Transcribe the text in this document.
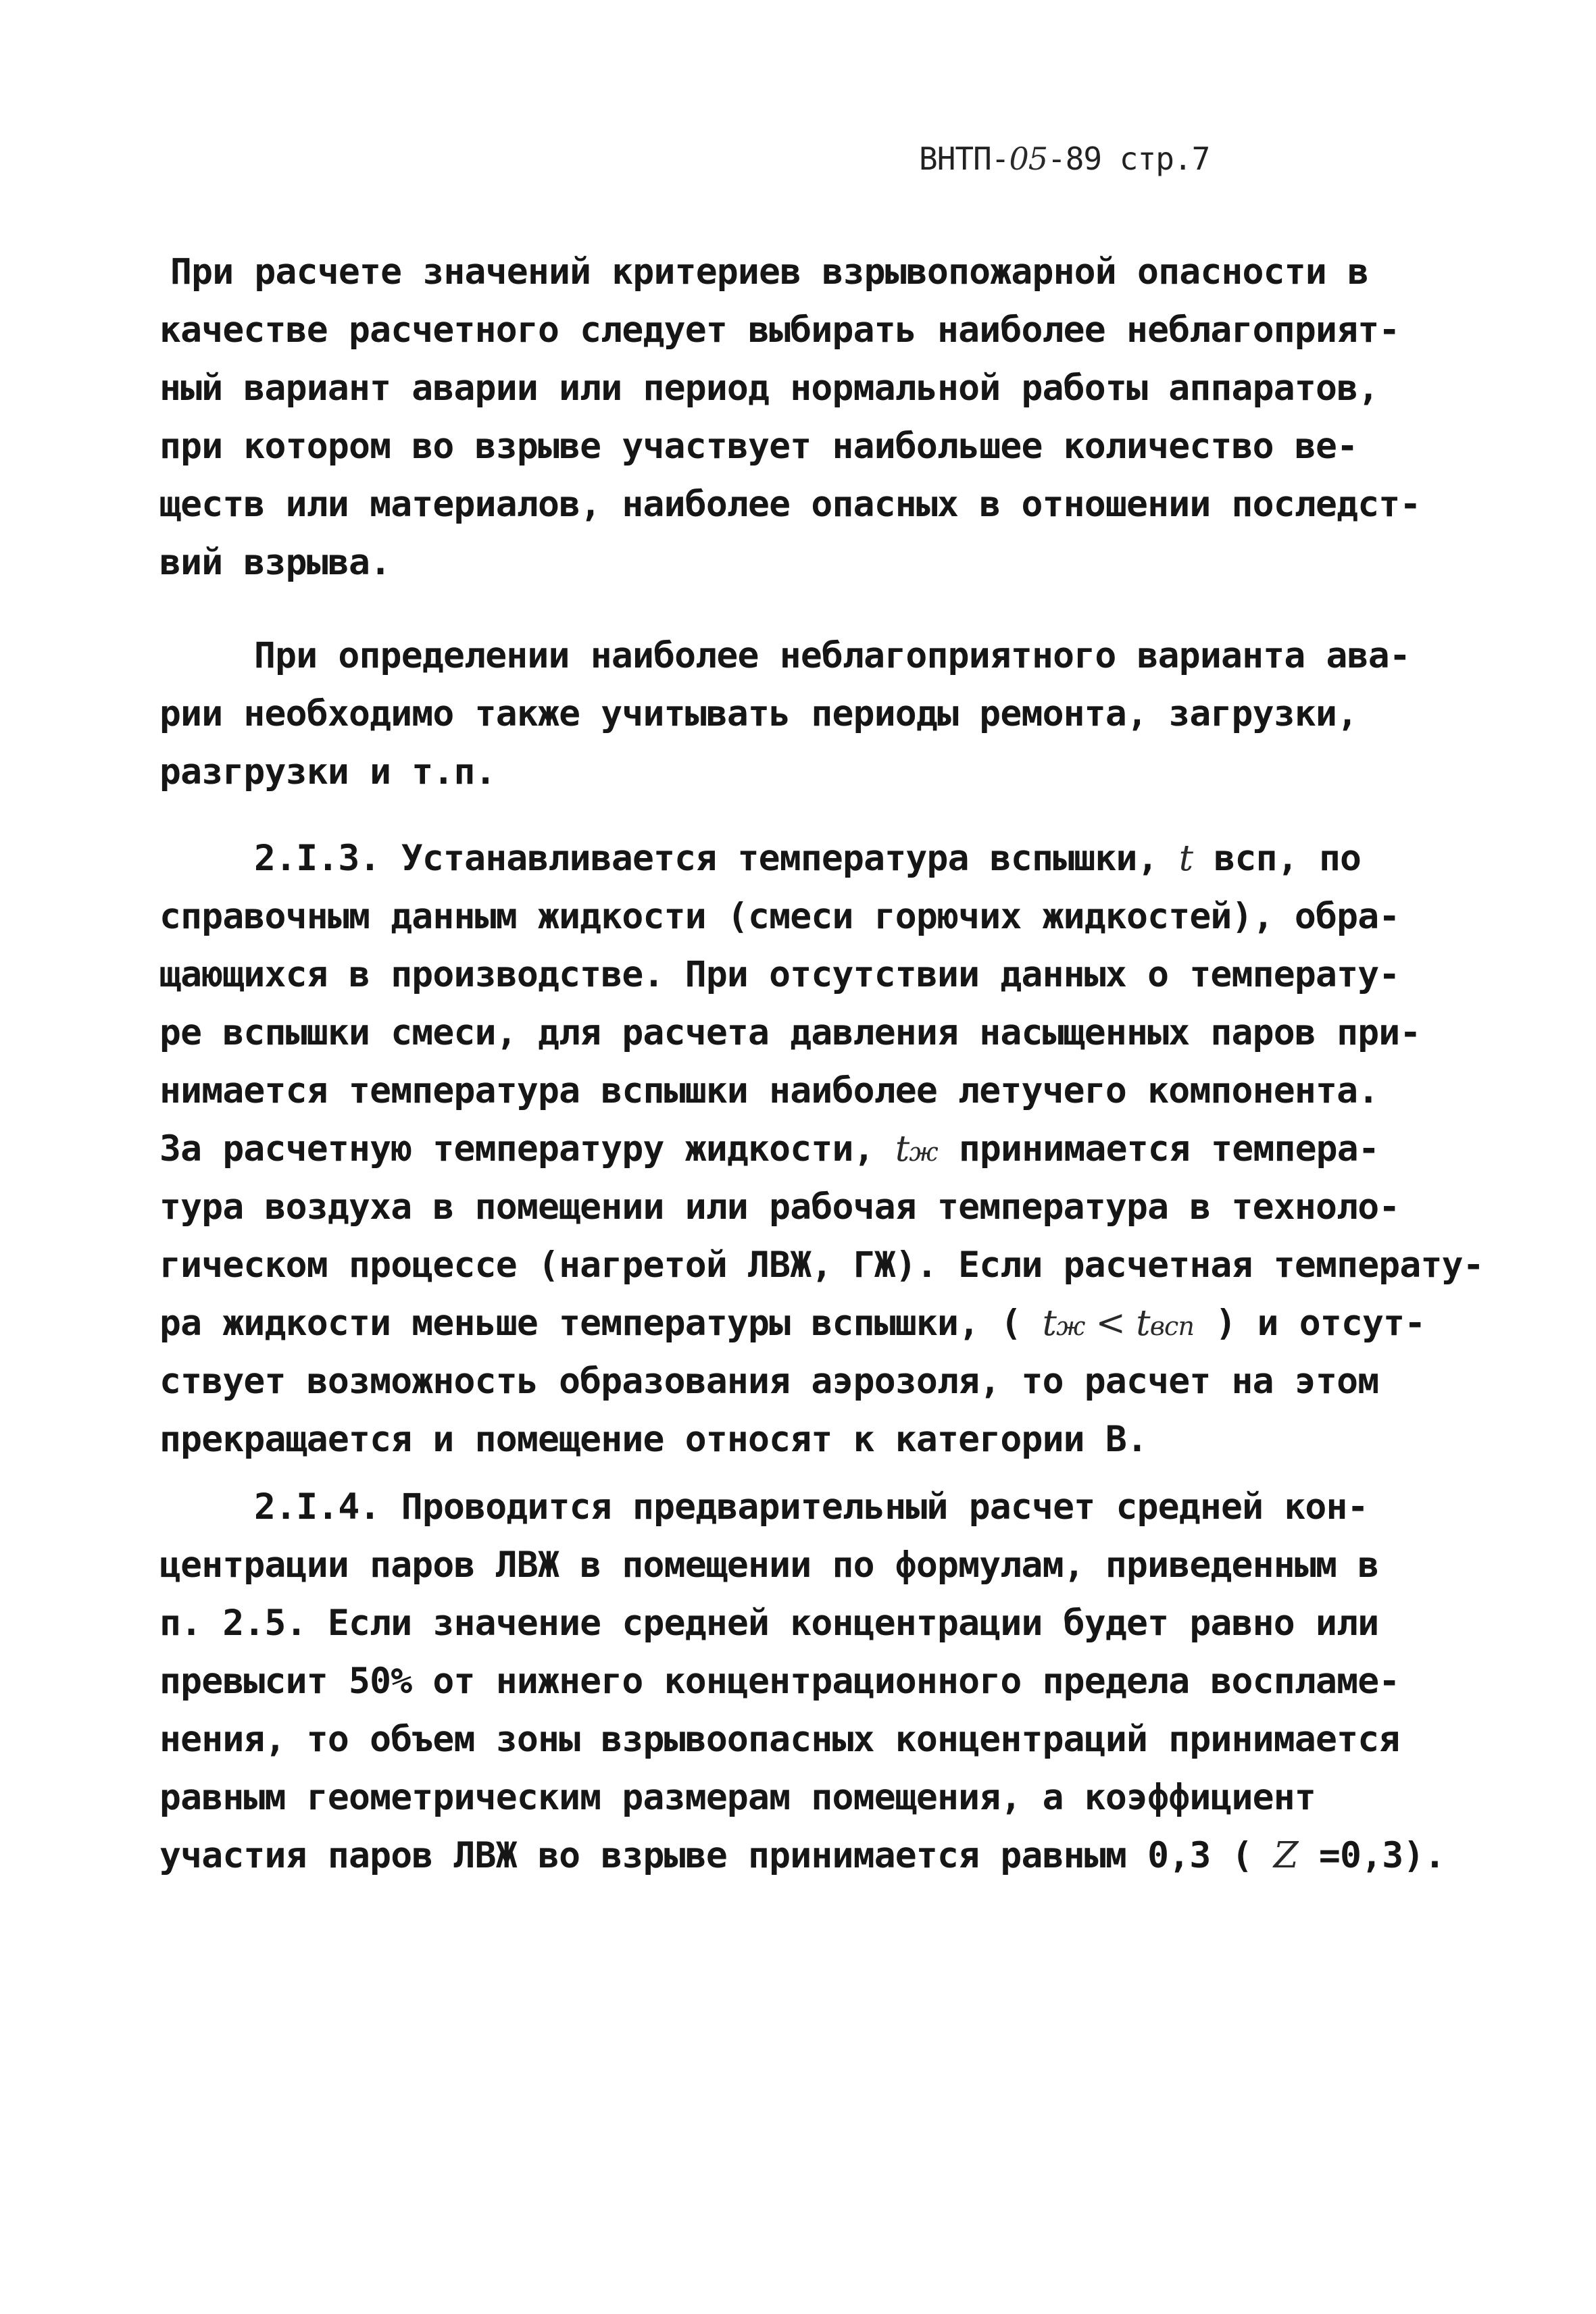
ВНТП-05-89 стр.7
При расчете значений критериев взрывопожарной опасности в
качестве расчетного следует выбирать наиболее неблагоприят-
ный вариант аварии или период нормальной работы аппаратов,
при котором во взрыве участвует наибольшее количество ве-
ществ или материалов, наиболее опасных в отношении последст-
вий взрыва.
При определении наиболее неблагоприятного варианта ава-
рии необходимо также учитывать периоды ремонта, загрузки,
разгрузки и т.п.
2.I.3. Устанавливается температура вспышки, t всп, по
справочным данным жидкости (смеси горючих жидкостей), обра-
щающихся в производстве. При отсутствии данных о температу-
ре вспышки смеси, для расчета давления насыщенных паров при-
нимается температура вспышки наиболее летучего компонента.
За расчетную температуру жидкости, tж принимается темпера-
тура воздуха в помещении или рабочая температура в техноло-
гическом процессе (нагретой ЛВЖ, ГЖ). Если расчетная температу-
ра жидкости меньше температуры вспышки, ( tж < tвсп ) и отсут-
ствует возможность образования аэрозоля, то расчет на этом
прекращается и помещение относят к категории В.
2.I.4. Проводится предварительный расчет средней кон-
центрации паров ЛВЖ в помещении по формулам, приведенным в
п. 2.5. Если значение средней концентрации будет равно или
превысит 50% от нижнего концентрационного предела воспламе-
нения, то объем зоны взрывоопасных концентраций принимается
равным геометрическим размерам помещения, а коэффициент
участия паров ЛВЖ во взрыве принимается равным 0,3 ( Z =0,3).
